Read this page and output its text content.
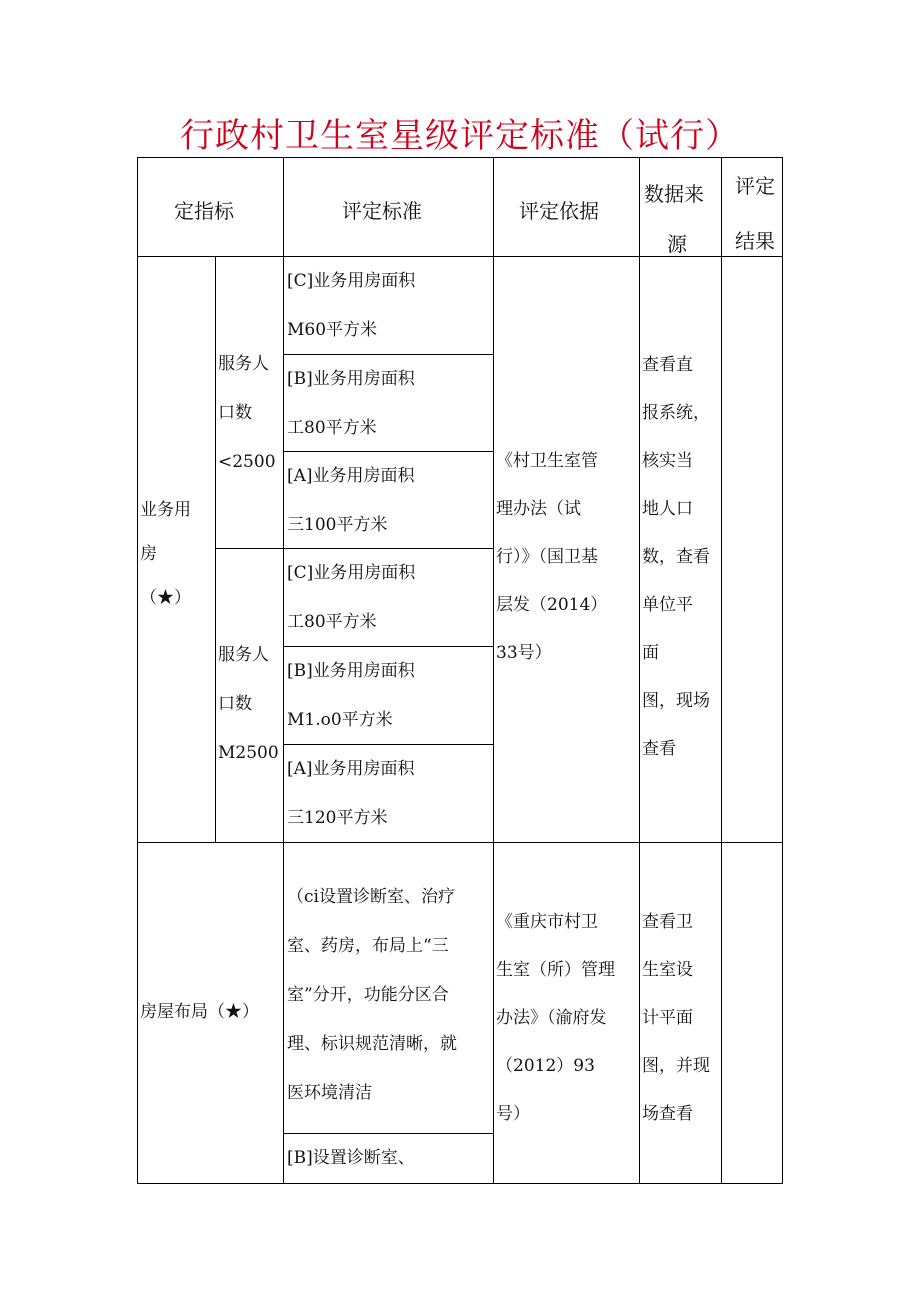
行政村卫生室星级评定标准（试行）
定指标	评定标准	评定依据
数据来
源
评定
结果
业务用
房
（★）
服务人
口数
<2500
[C]业务用房面积
M60平方米
[B]业务用房面积
工80平方米
[A]业务用房面积
三100平方米
服务人
口数
M2500
[C]业务用房面积
工80平方米
[B]业务用房面积
M1.o0平方米
[A]业务用房面积
三120平方米
《村卫生室管
理办法（试
行）》（国卫基
层发（2014）
33号）
查看直
报系统，
核实当
地人口
数，查看
单位平
面
图，现场
查看
房屋布局（★）
（ci设置诊断室、治疗
室、药房，布局上“三
室”分开，功能分区合
理、标识规范清晰，就
医环境清洁
[B]设置诊断室、
《重庆市村卫
生室（所）管理
办法》（渝府发
（2012）93
号）
查看卫
生室设
计平面
图，并现
场查看
